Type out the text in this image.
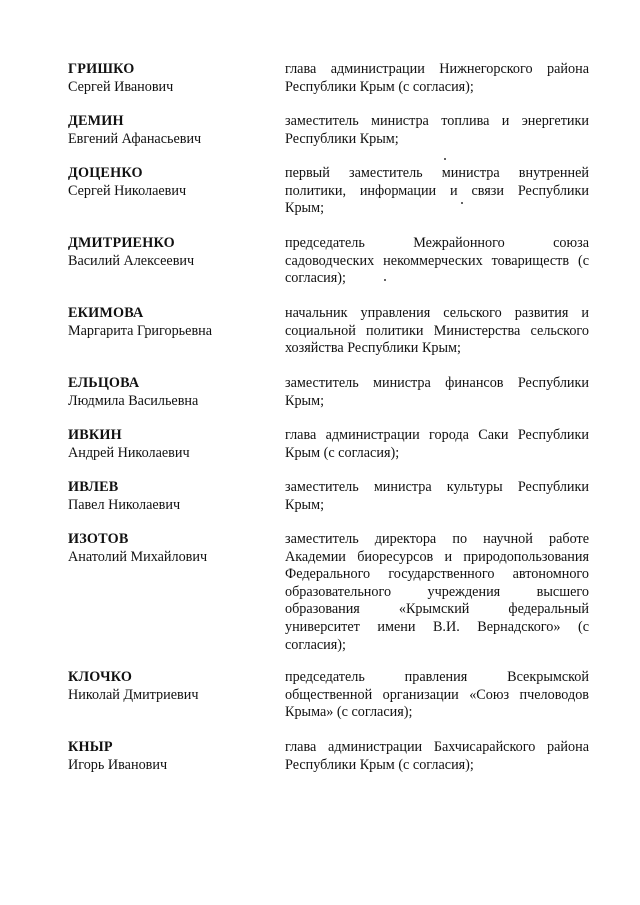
ГРИШКО
Сергей Иванович
глава администрации Нижнегорского района Республики Крым (с согласия);
ДЕМИН
Евгений Афанасьевич
заместитель министра топлива и энергетики Республики Крым;
ДОЦЕНКО
Сергей Николаевич
первый заместитель министра внутренней политики, информации и связи Республики Крым;
ДМИТРИЕНКО
Василий Алексеевич
председатель Межрайонного союза садоводческих некоммерческих товариществ (с согласия);
ЕКИМОВА
Маргарита Григорьевна
начальник управления сельского развития и социальной политики Министерства сельского хозяйства Республики Крым;
ЕЛЬЦОВА
Людмила Васильевна
заместитель министра финансов Республики Крым;
ИВКИН
Андрей Николаевич
глава администрации города Саки Республики Крым (с согласия);
ИВЛЕВ
Павел Николаевич
заместитель министра культуры Республики Крым;
ИЗОТОВ
Анатолий Михайлович
заместитель директора по научной работе Академии биоресурсов и природопользования Федерального государственного автономного образовательного учреждения высшего образования «Крымский федеральный университет имени В.И. Вернадского» (с согласия);
КЛОЧКО
Николай Дмитриевич
председатель правления Всекрымской общественной организации «Союз пчеловодов Крыма» (с согласия);
КНЫР
Игорь Иванович
глава администрации Бахчисарайского района Республики Крым (с согласия);
